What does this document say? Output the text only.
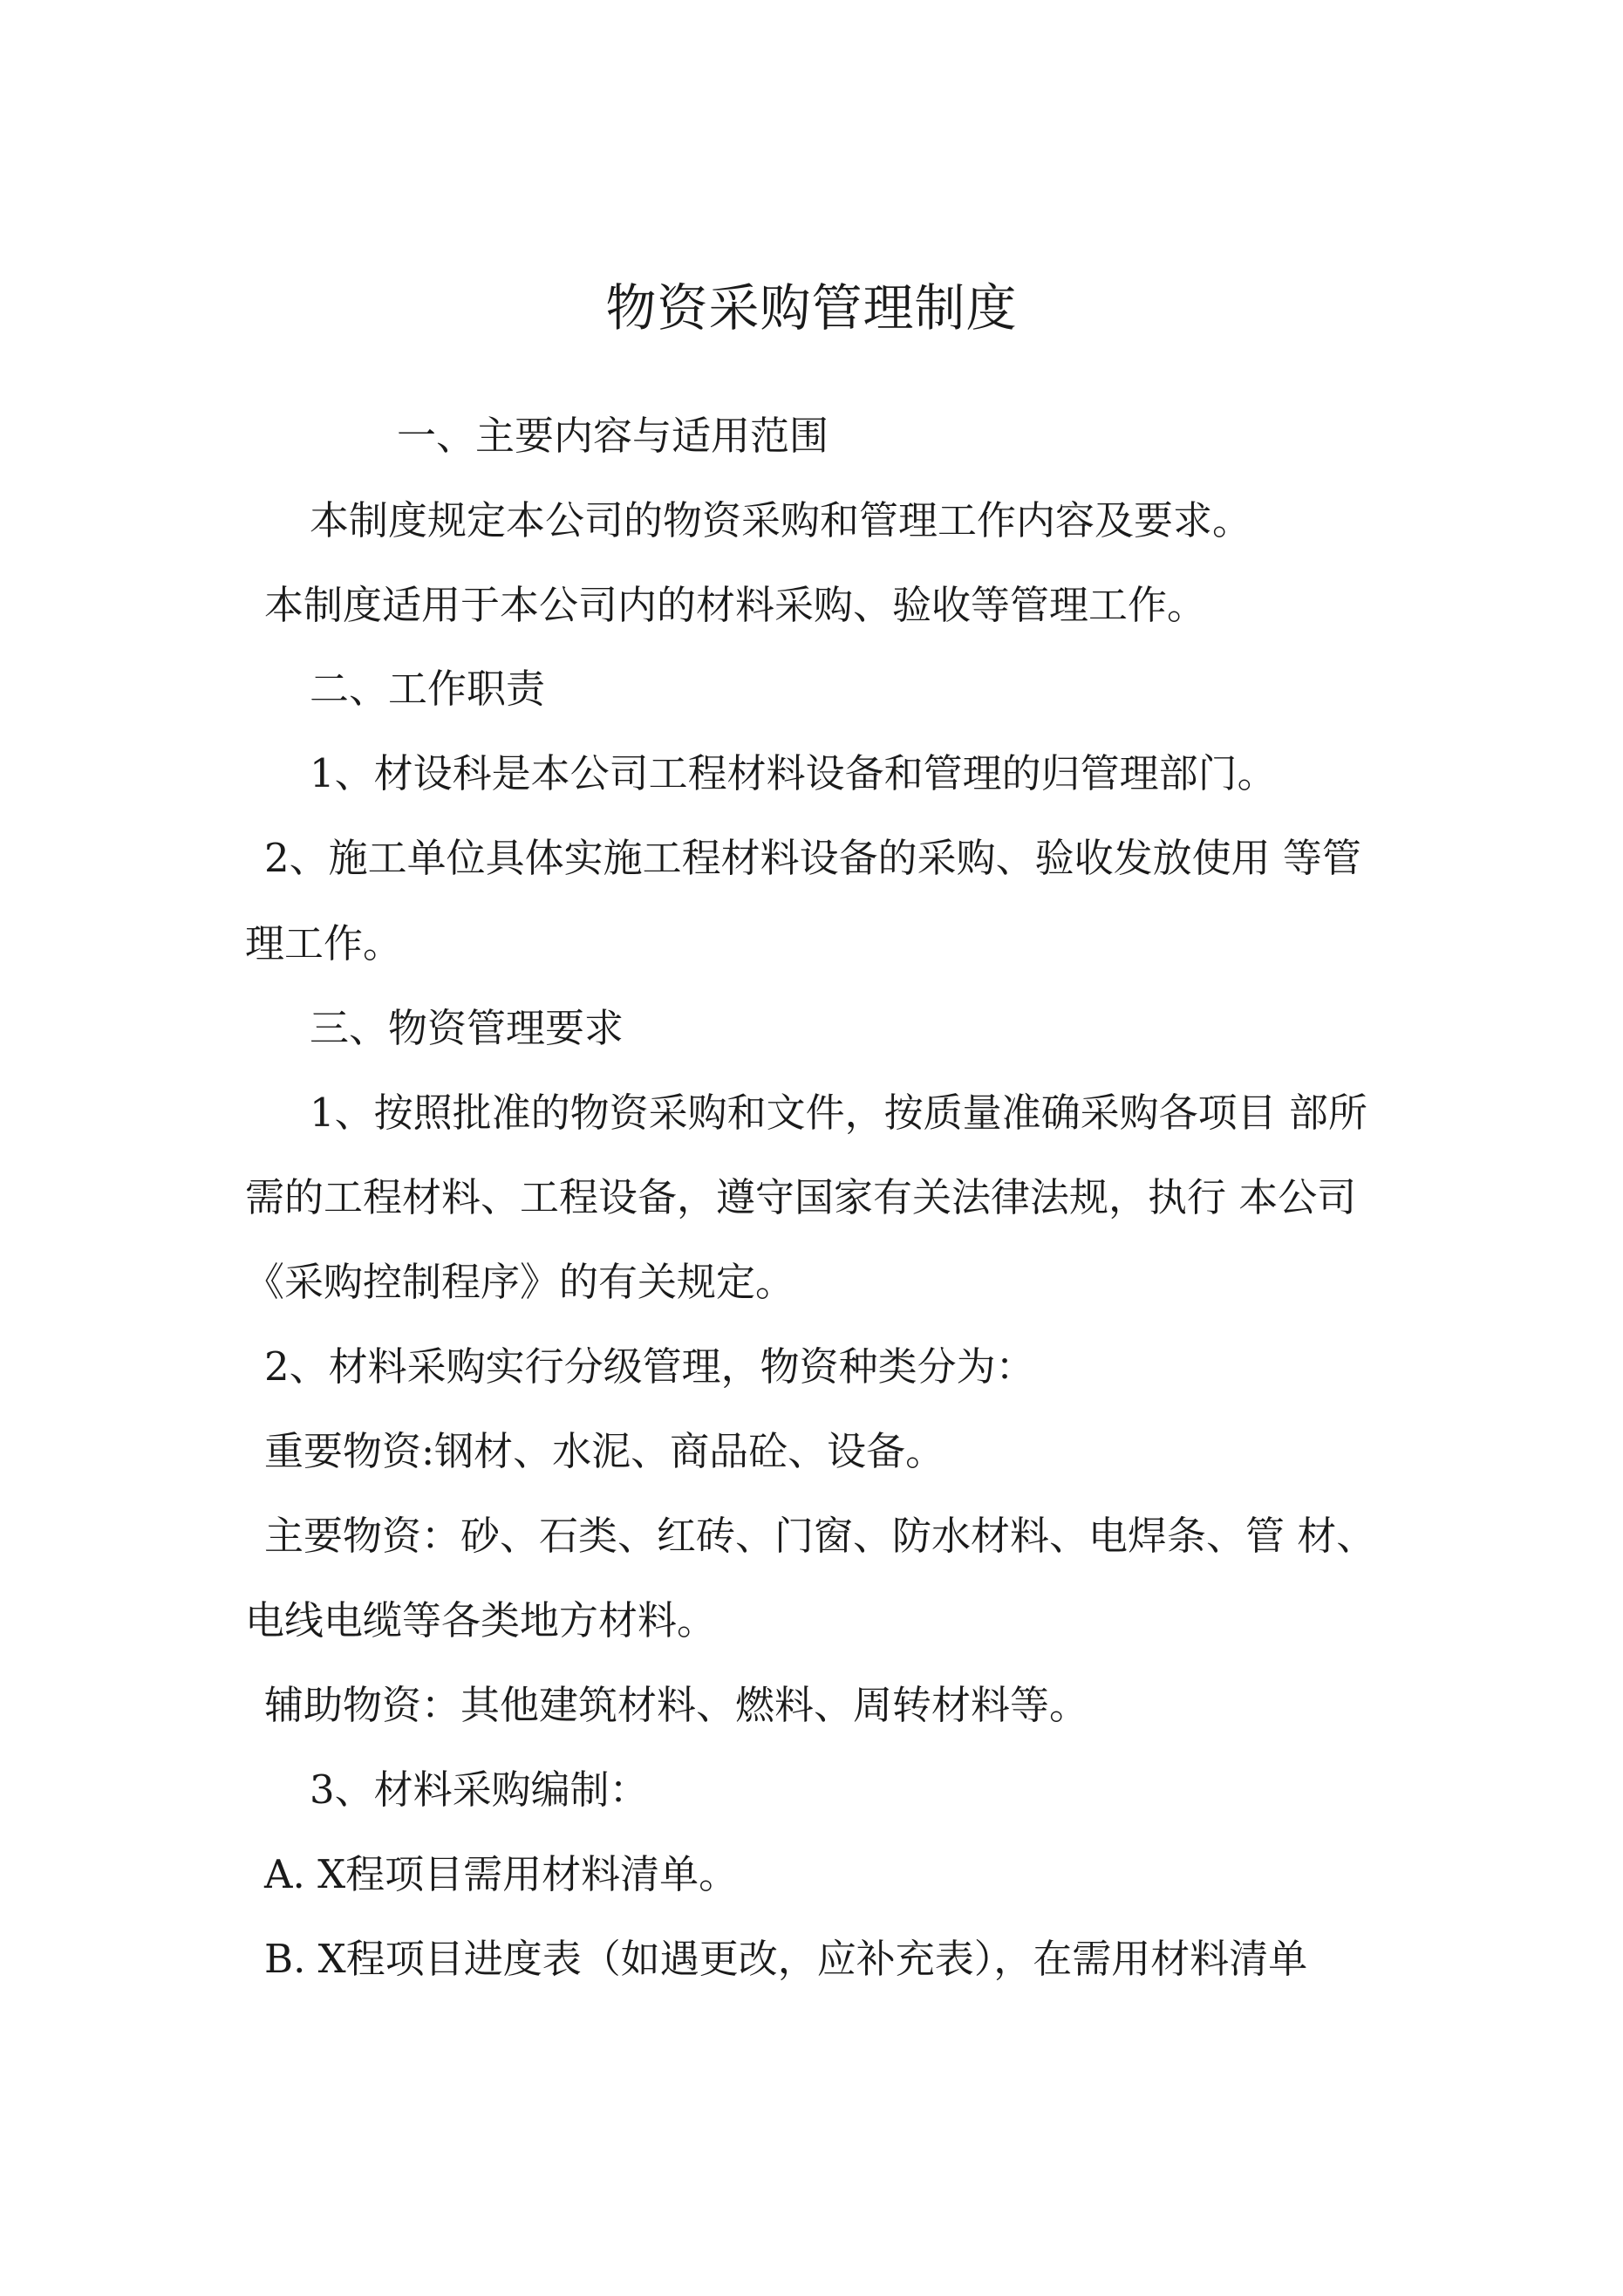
物资采购管理制度
一、主要内容与适用范围
本制度规定本公司的物资采购和管理工作内容及要求。
本制度适用于本公司内的材料采购、验收等管理工作。
二、工作职责
1、材设科是本公司工程材料设备和管理的归管理部门。
2、施工单位具体实施工程材料设备的采购、验收发放使用 等管
理工作。
三、物资管理要求
1、按照批准的物资采购和文件，按质量准确采购各项目 部所
需的工程材料、工程设备，遵守国家有关法律法规，执行 本公司
《采购控制程序》的有关规定。
2、材料采购实行分级管理，物资种类分为：
重要物资:钢材、水泥、商品砼、设备。
主要物资：砂、石类、红砖、门窗、防水材料、电焊条、管 材、
电线电缆等各类地方材料。
辅助物资：其他建筑材料、燃料、周转材料等。
3、材料采购编制：
A. X程项目需用材料清单。
B. X程项目进度表（如遇更改，应补充表），在需用材料清单
